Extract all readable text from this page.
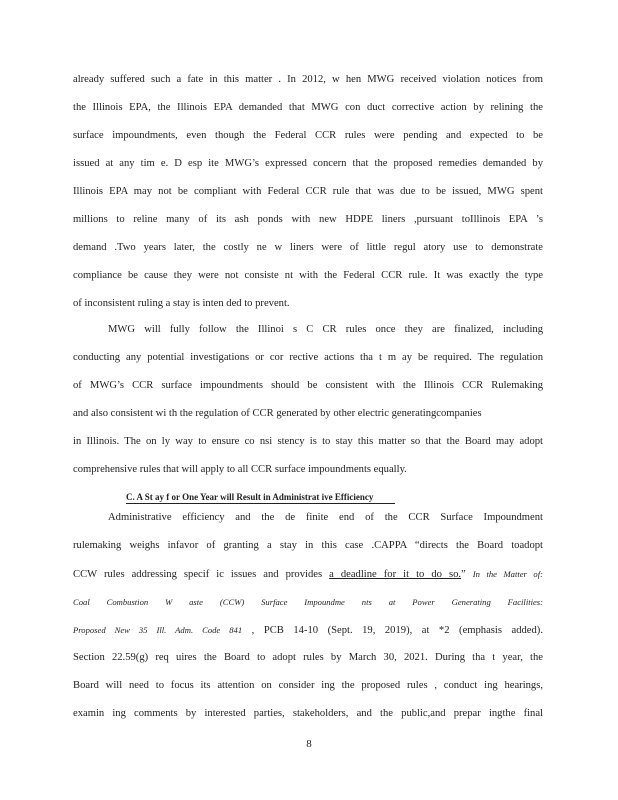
already suffered such a fate in this matter . In 2012, w hen MWG received violation notices from
the Illinois EPA, the Illinois EPA demanded that MWG con duct corrective action by relining the
surface impoundments, even though the Federal CCR rules were pending and expected to be
issued at any tim e. D esp ite MWG’s expressed concern that the proposed remedies demanded by
Illinois EPA may not be compliant with Federal CCR rule that was due to be issued, MWG spent
millions to reline many of its ash ponds with new HDPE liners ,pursuant toIllinois EPA ’s
demand .Two years later, the costly ne w liners were of little regul atory use to demonstrate
compliance be cause they were not consiste nt with the Federal CCR rule. It was exactly the type
of inconsistent ruling a stay is inten ded to prevent.
MWG will fully follow the Illinoi s C CR rules once they are finalized, including
conducting any potential investigations or cor rective actions tha t m ay be required. The regulation
of MWG’s CCR surface impoundments should be consistent with the Illinois CCR Rulemaking
and also consistent wi th the regulation of CCR generated by other electric generatingcompanies
in Illinois. The on ly way to ensure co nsi stency is to stay this matter so that the Board may adopt
comprehensive rules that will apply to all CCR surface impoundments equally.
C. A St ay f or One Year will Result in Administrat ive Efficiency
Administrative efficiency and the de finite end of the CCR Surface Impoundment
rulemaking weighs infavor of granting a stay in this case .CAPPA “directs the Board toadopt
CCW rules addressing specif ic issues and provides a deadline for it to do so.” In the Matter of:
Coal Combustion W aste (CCW) Surface Impoundme nts at Power Generating Facilities:
Proposed New 35 Ill. Adm. Code 841 , PCB 14-10 (Sept. 19, 2019), at *2 (emphasis added).
Section 22.59(g) req uires the Board to adopt rules by March 30, 2021. During tha t year, the
Board will need to focus its attention on consider ing the proposed rules , conduct ing hearings,
examin ing comments by interested parties, stakeholders, and the public,and prepar ingthe final
8
